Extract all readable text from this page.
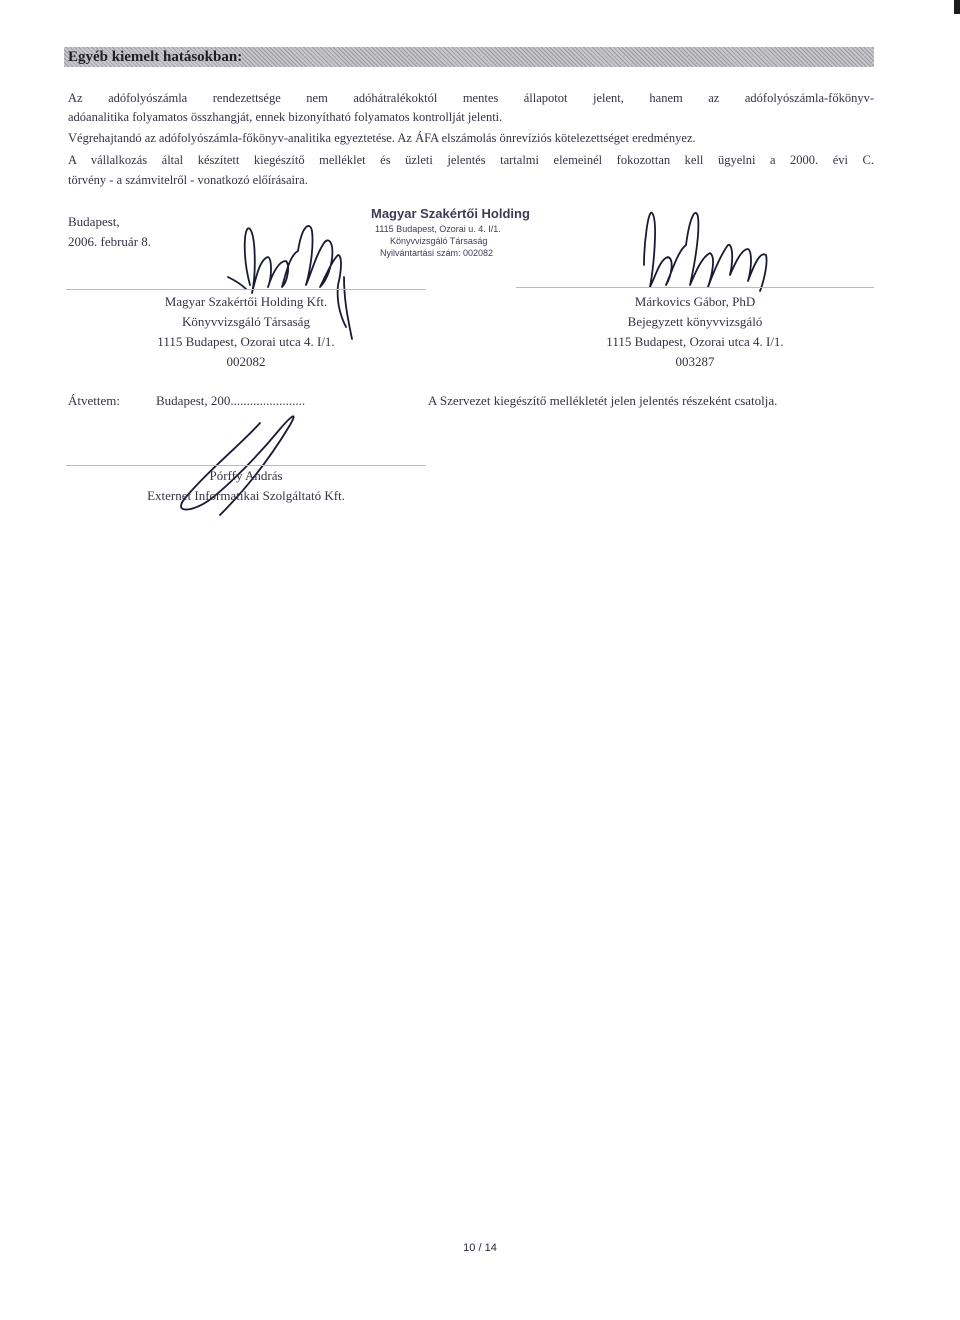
Egyéb kiemelt hatásokban:
Az adófolyószámla rendezettsége nem adóhátralékoktól mentes állapotot jelent, hanem az adófolyószámla-főkönyv-
adóanalitika folyamatos összhangját, ennek bizonyítható folyamatos kontrollját jelenti.
Végrehajtandó az adófolyószámla-főkönyv-analitika egyeztetése. Az ÁFA elszámolás önrevíziós kötelezettséget eredményez.
A vállalkozás által készített kiegészítő melléklet és üzleti jelentés tartalmi elemeinél fokozottan kell ügyelni a 2000. évi C.
törvény - a számvitelről - vonatkozó előírásaira.
Budapest,
2006. február 8.
Magyar Szakértői Holding
1115 Budapest, Ozorai u. 4. I/1.
Könyvvizsgáló Társaság
Nyilvántartási szám: 002082
Magyar Szakértői Holding Kft.
Könyvvizsgáló Társaság
1115 Budapest, Ozorai utca 4. I/1.
002082
Márkovics Gábor, PhD
Bejegyzett könyvvizsgáló
1115 Budapest, Ozorai utca 4. I/1.
003287
Átvettem:	Budapest, 200.......................	A Szervezet kiegészítő mellékletét jelen jelentés részeként csatolja.
Pórffy András
Externet Informatikai Szolgáltató Kft.
10 / 14
